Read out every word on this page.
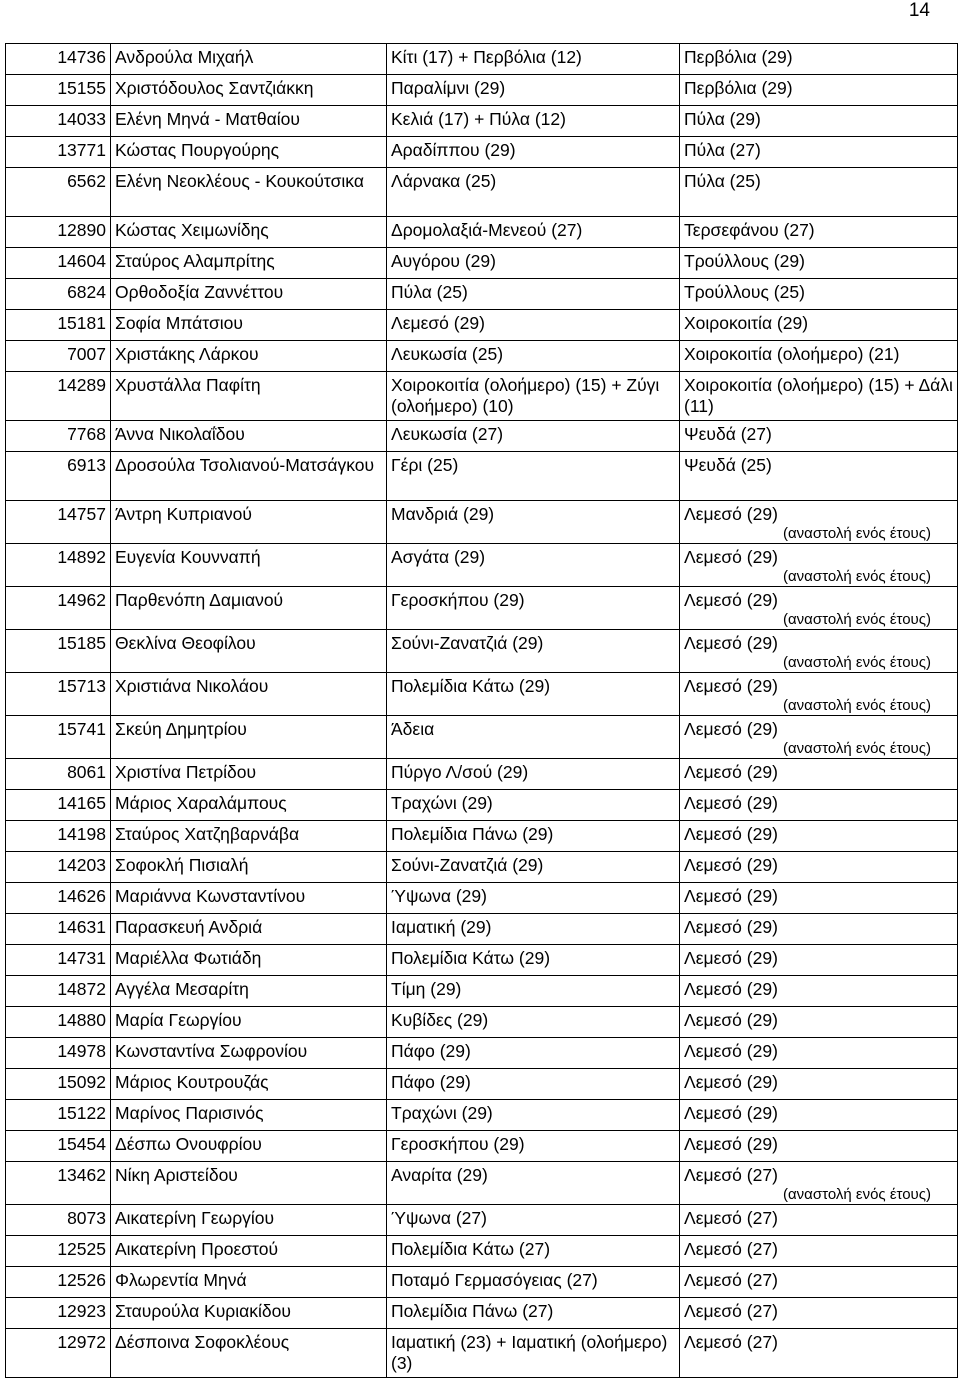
14
14736	Ανδρούλα Μιχαήλ	Κίτι (17) + Περβόλια (12)	Περβόλια (29)

15155	Χριστόδουλος Σαντζιάκκη	Παραλίμνι (29)	Περβόλια (29)

14033	Ελένη Μηνά - Ματθαίου	Κελιά (17) + Πύλα (12)	Πύλα (29)

13771	Κώστας Πουργούρης	Αραδίππου (29)	Πύλα (27)

6562	Ελένη Νεοκλέους - Κουκούτσικα	Λάρνακα (25)	Πύλα (25)

12890	Κώστας Χειμωνίδης	Δρομολαξιά-Μενεού (27)	Τερσεφάνου (27)

14604	Σταύρος Αλαμπρίτης	Αυγόρου (29)	Τρούλλους (29)

6824	Ορθοδοξία Ζαννέττου	Πύλα (25)	Τρούλλους (25)

15181	Σοφία Μπάτσιου	Λεμεσό (29)	Χοιροκοιτία (29)

7007	Χριστάκης Λάρκου	Λευκωσία (25)	Χοιροκοιτία (ολοήμερο) (21)

14289	Χρυστάλλα Παφίτη	Χοιροκοιτία (ολοήμερο) (15) + Ζύγι (ολοήμερο) (10)	Χοιροκοιτία (ολοήμερο) (15) + Δάλι (11)

7768	Άννα Νικολαΐδου	Λευκωσία (27)	Ψευδά (27)

6913	Δροσούλα Τσολιανού-Ματσάγκου	Γέρι (25)	Ψευδά (25)

14757	Άντρη Κυπριανού	Μανδριά (29)	Λεμεσό (29)
(αναστολή ενός έτους)

14892	Ευγενία Κουνναπή	Ασγάτα (29)	Λεμεσό (29)
(αναστολή ενός έτους)

14962	Παρθενόπη Δαμιανού	Γεροσκήπου (29)	Λεμεσό (29)
(αναστολή ενός έτους)

15185	Θεκλίνα Θεοφίλου	Σούνι-Ζανατζιά (29)	Λεμεσό (29)
(αναστολή ενός έτους)

15713	Χριστιάνα Νικολάου	Πολεμίδια Κάτω (29)	Λεμεσό (29)
(αναστολή ενός έτους)

15741	Σκεύη Δημητρίου	Άδεια	Λεμεσό (29)
(αναστολή ενός έτους)

8061	Χριστίνα Πετρίδου	Πύργο Λ/σού (29)	Λεμεσό (29)

14165	Μάριος Χαραλάμπους	Τραχώνι (29)	Λεμεσό (29)

14198	Σταύρος Χατζηβαρνάβα	Πολεμίδια Πάνω (29)	Λεμεσό (29)

14203	Σοφοκλή Πισιαλή	Σούνι-Ζανατζιά (29)	Λεμεσό (29)

14626	Μαριάννα Κωνσταντίνου	Ύψωνα (29)	Λεμεσό (29)

14631	Παρασκευή Ανδριά	Ιαματική (29)	Λεμεσό (29)

14731	Μαριέλλα Φωτιάδη	Πολεμίδια Κάτω (29)	Λεμεσό (29)

14872	Αγγέλα Μεσαρίτη	Τίμη (29)	Λεμεσό (29)

14880	Μαρία Γεωργίου	Κυβίδες (29)	Λεμεσό (29)

14978	Κωνσταντίνα Σωφρονίου	Πάφο (29)	Λεμεσό (29)

15092	Μάριος Κουτρουζάς	Πάφο (29)	Λεμεσό (29)

15122	Μαρίνος Παρισινός	Τραχώνι (29)	Λεμεσό (29)

15454	Δέσπω Ονουφρίου	Γεροσκήπου (29)	Λεμεσό (29)

13462	Νίκη Αριστείδου	Αναρίτα (29)	Λεμεσό (27)
(αναστολή ενός έτους)

8073	Αικατερίνη Γεωργίου	Ύψωνα (27)	Λεμεσό (27)

12525	Αικατερίνη Προεστού	Πολεμίδια Κάτω (27)	Λεμεσό (27)

12526	Φλωρεντία Μηνά	Ποταμό Γερμασόγειας (27)	Λεμεσό (27)

12923	Σταυρούλα Κυριακίδου	Πολεμίδια Πάνω (27)	Λεμεσό (27)

12972	Δέσποινα Σοφοκλέους	Ιαματική (23) + Ιαματική (ολοήμερο) (3)	Λεμεσό (27)
